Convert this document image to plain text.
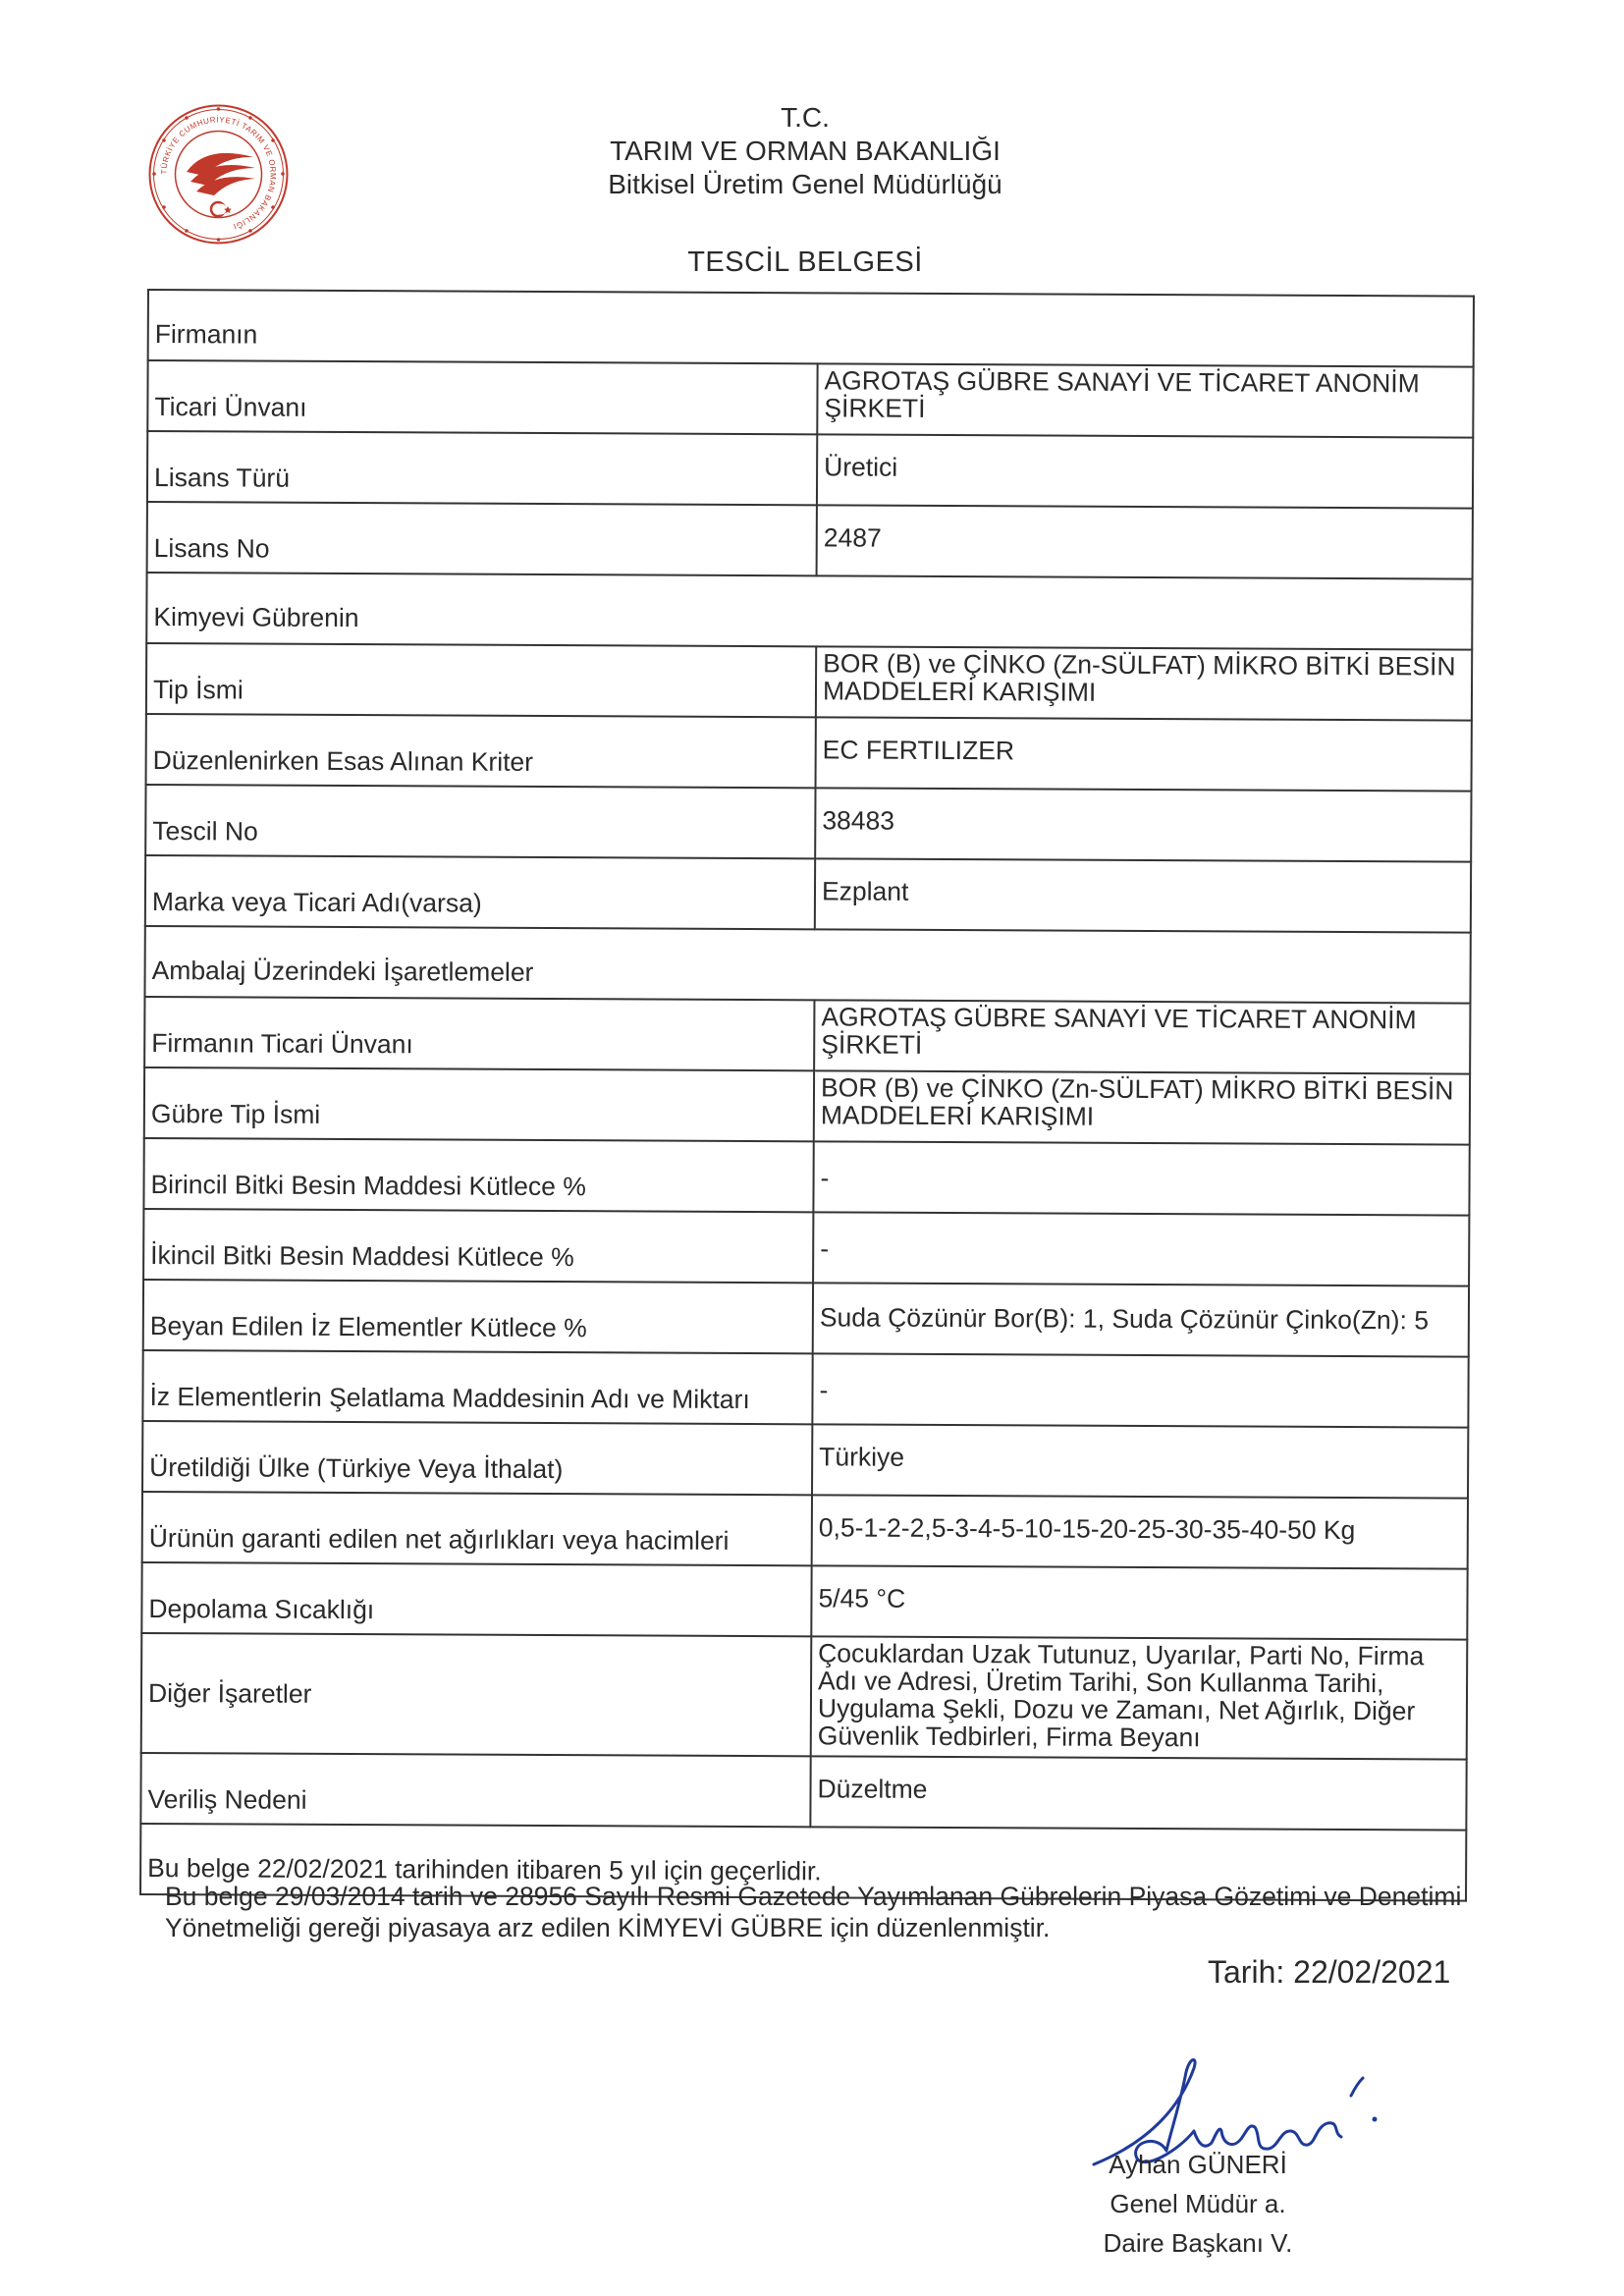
TÜRKİYE CUMHURİYETİ TARIM VE ORMAN BAKANLIĞI
T.C.
TARIM VE ORMAN BAKANLIĞI
Bitkisel Üretim Genel Müdürlüğü
TESCİL BELGESİ
Firmanın	
Ticari Ünvanı	AGROTAŞ GÜBRE SANAYİ VE TİCARET ANONİM ŞİRKETİ
Lisans Türü	Üretici
Lisans No	2487
Kimyevi Gübrenin	
Tip İsmi	BOR (B) ve ÇİNKO (Zn-SÜLFAT) MİKRO BİTKİ BESİN MADDELERİ KARIŞIMI
Düzenlenirken Esas Alınan Kriter	EC FERTILIZER
Tescil No	38483
Marka veya Ticari Adı(varsa)	Ezplant
Ambalaj Üzerindeki İşaretlemeler	
Firmanın Ticari Ünvanı	AGROTAŞ GÜBRE SANAYİ VE TİCARET ANONİM ŞİRKETİ
Gübre Tip İsmi	BOR (B) ve ÇİNKO (Zn-SÜLFAT) MİKRO BİTKİ BESİN MADDELERİ KARIŞIMI
Birincil Bitki Besin Maddesi Kütlece %	-
İkincil Bitki Besin Maddesi Kütlece %	-
Beyan Edilen İz Elementler Kütlece %	Suda Çözünür Bor(B): 1, Suda Çözünür Çinko(Zn): 5
İz Elementlerin Şelatlama Maddesinin Adı ve Miktarı	-
Üretildiği Ülke (Türkiye Veya İthalat)	Türkiye
Ürünün garanti edilen net ağırlıkları veya hacimleri	0,5-1-2-2,5-3-4-5-10-15-20-25-30-35-40-50 Kg
Depolama Sıcaklığı	5/45 °C
Diğer İşaretler	Çocuklardan Uzak Tutunuz, Uyarılar, Parti No, Firma Adı ve Adresi, Üretim Tarihi, Son Kullanma Tarihi, Uygulama Şekli, Dozu ve Zamanı, Net Ağırlık, Diğer Güvenlik Tedbirleri, Firma Beyanı
Veriliş Nedeni	Düzeltme
Bu belge 22/02/2021 tarihinden itibaren 5 yıl için geçerlidir.	
Bu belge 29/03/2014 tarih ve 28956 Sayılı Resmi Gazetede Yayımlanan Gübrelerin Piyasa Gözetimi ve Denetimi Yönetmeliği gereği piyasaya arz edilen KİMYEVİ GÜBRE için düzenlenmiştir.
Tarih: 22/02/2021
Ayhan GÜNERİ
Genel Müdür a.
Daire Başkanı V.
